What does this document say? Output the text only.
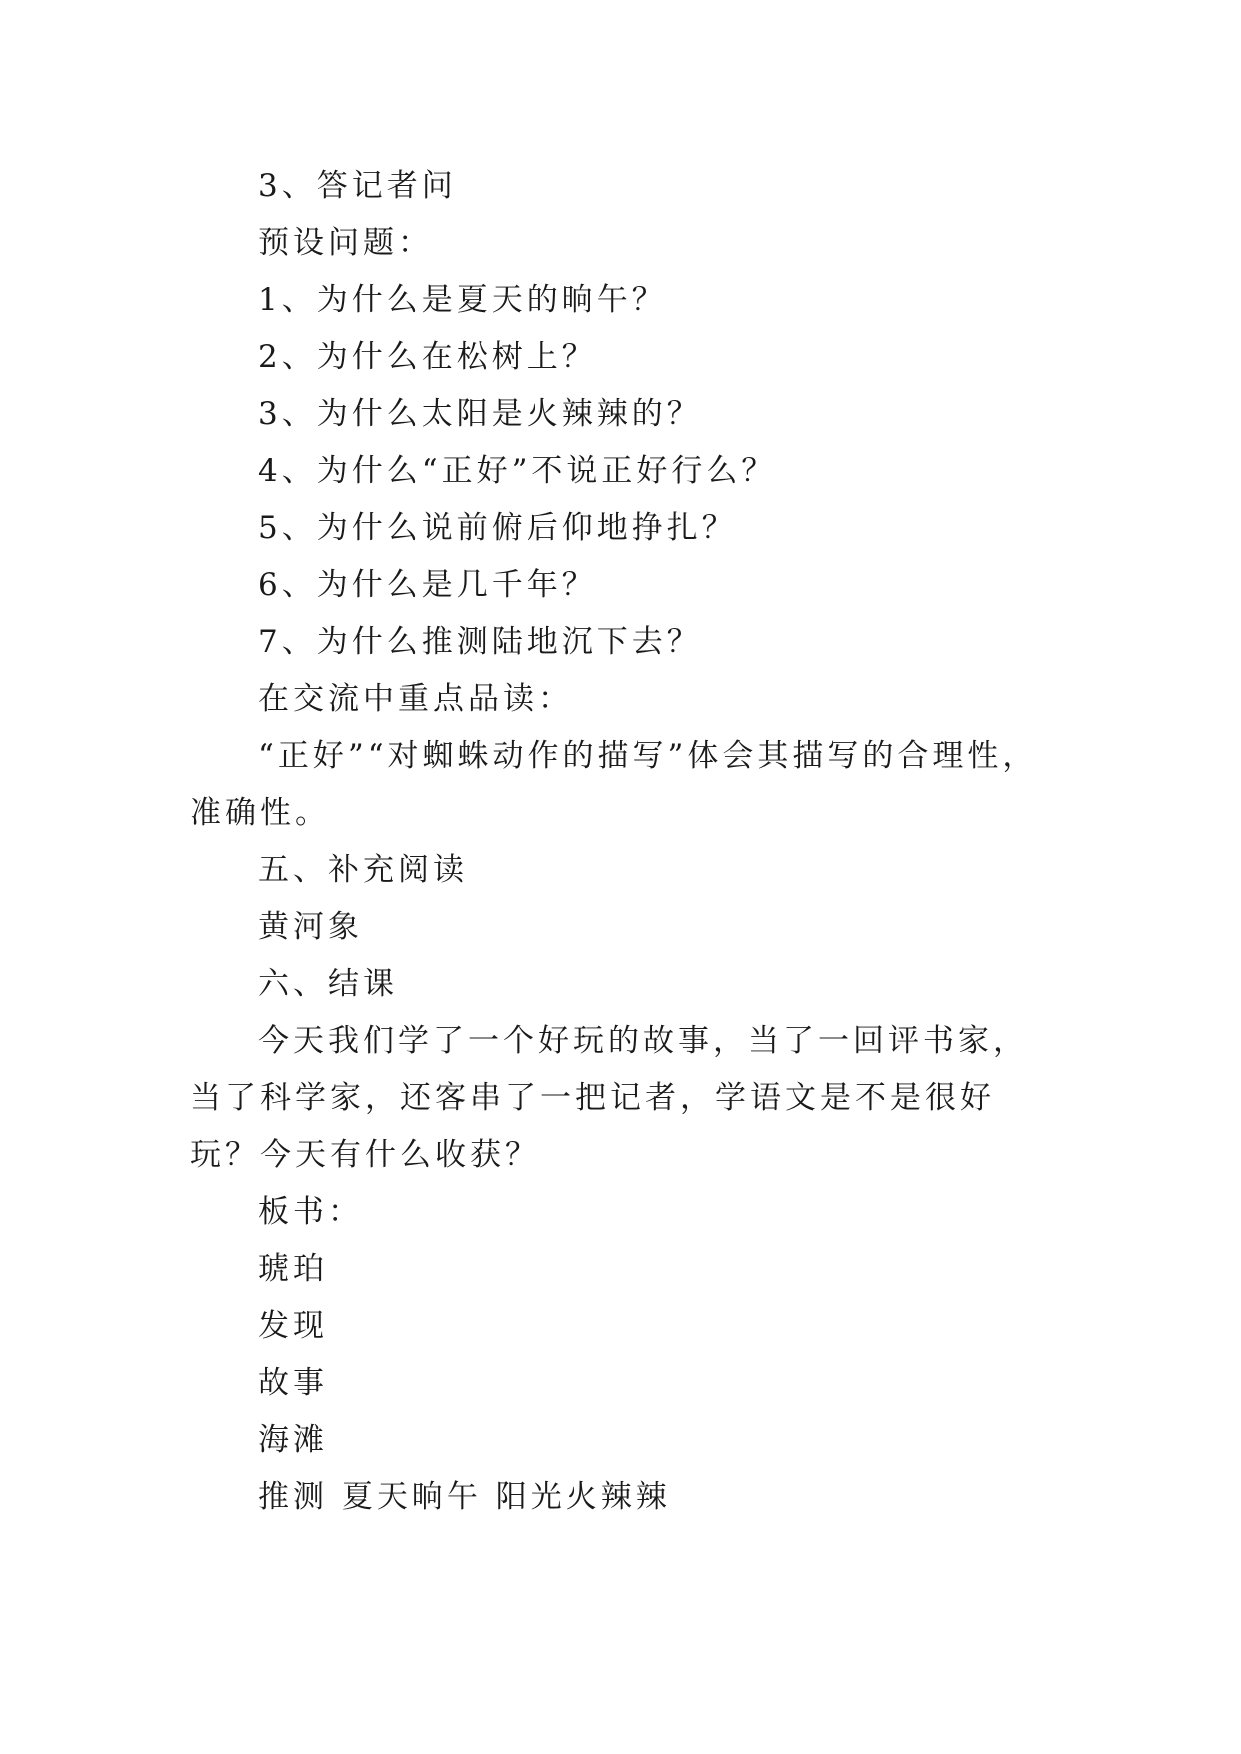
3、答记者问
预设问题：
1、为什么是夏天的晌午？
2、为什么在松树上？
3、为什么太阳是火辣辣的？
4、为什么“正好”不说正好行么？
5、为什么说前俯后仰地挣扎？
6、为什么是几千年？
7、为什么推测陆地沉下去？
在交流中重点品读：

“正好”“对蜘蛛动作的描写”体会其描写的合理性，准确性。

五、补充阅读
黄河象
六、结课

今天我们学了一个好玩的故事，当了一回评书家，当了科学家，还客串了一把记者，学语文是不是很好玩？今天有什么收获？

板书：
琥珀
发现
故事
海滩
推测 夏天晌午 阳光火辣辣
